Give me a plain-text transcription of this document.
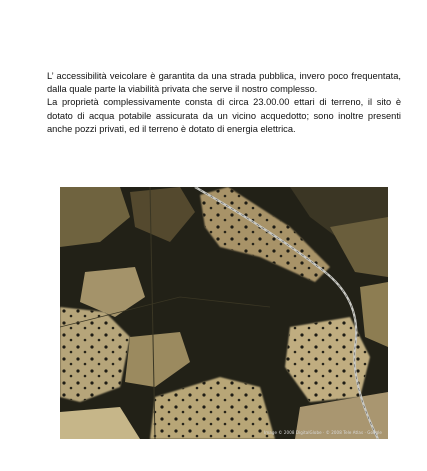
L’ accessibilità veicolare è garantita da una strada pubblica, invero poco frequentata, dalla quale parte la viabilità privata che serve il nostro complesso.

La proprietà complessivamente consta di circa 23.00.00 ettari di terreno, il sito è dotato di acqua potabile assicurata da un vicino acquedotto; sono inoltre presenti anche pozzi privati, ed il terreno è dotato di energia elettrica.

Image © 2008 DigitalGlobe · © 2008 Tele Atlas · Google
